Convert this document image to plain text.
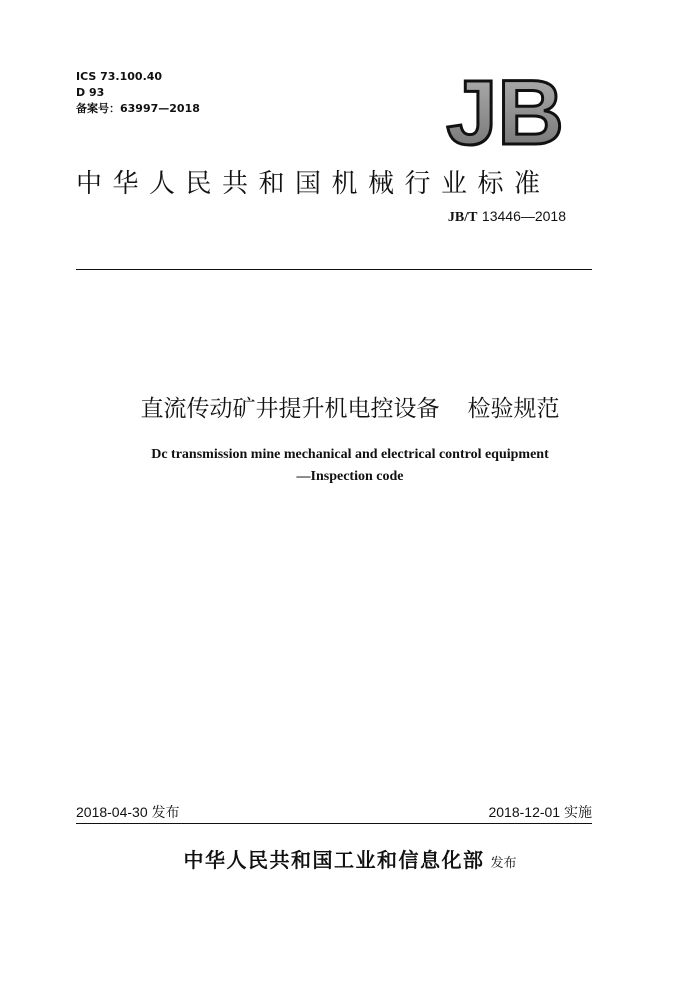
ICS 73.100.40
D 93
备案号：63997—2018	JB
中华人民共和国机械行业标准
JB/T 13446—2018
直流传动矿井提升机电控设备 检验规范
Dc transmission mine mechanical and electrical control equipment
—Inspection code
2018-04-30 发布	2018-12-01 实施
中华人民共和国工业和信息化部 发布
